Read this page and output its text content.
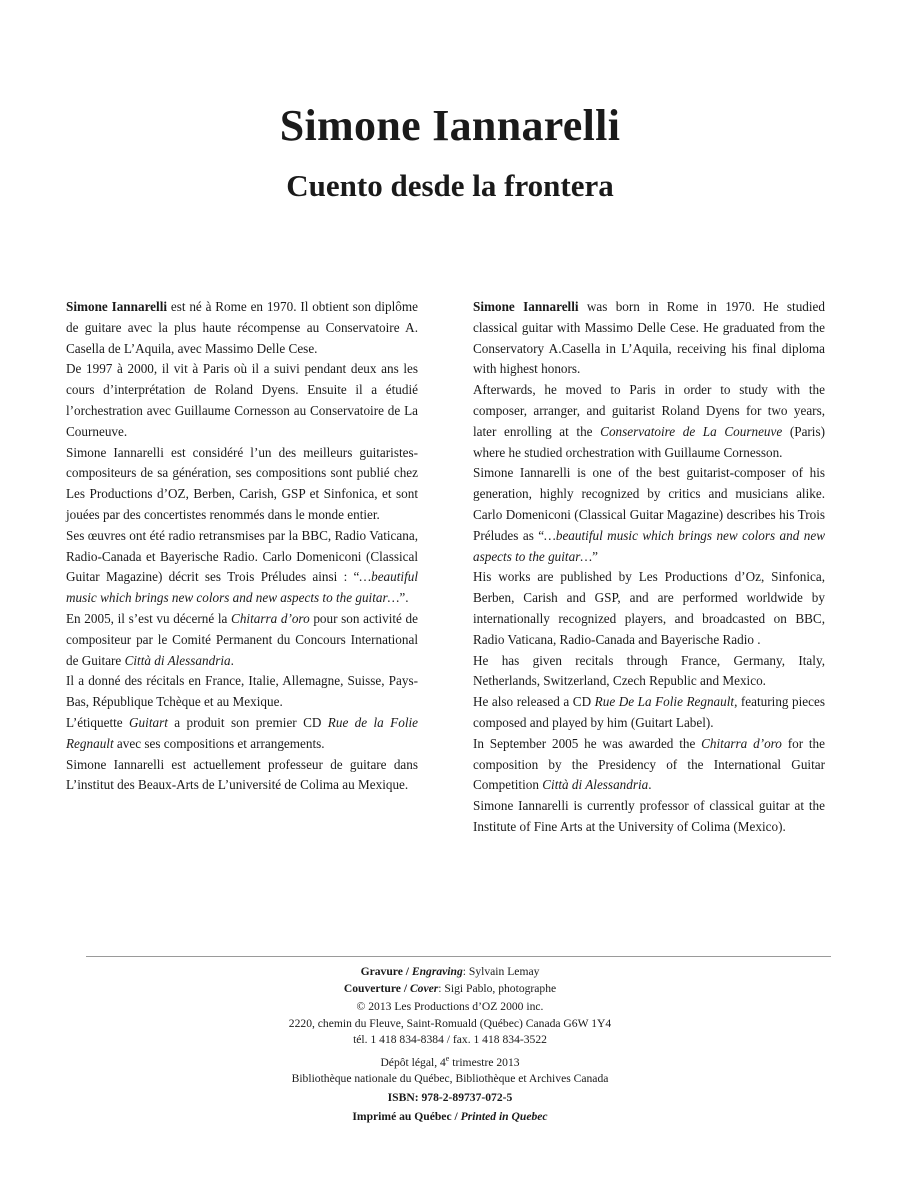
Simone Iannarelli
Cuento desde la frontera

Simone Iannarelli est né à Rome en 1970. Il obtient son diplôme de guitare avec la plus haute récompense au Conservatoire A. Casella de L’Aquila, avec Massimo Delle Cese.

De 1997 à 2000, il vit à Paris où il a suivi pendant deux ans les cours d’interprétation de Roland Dyens. Ensuite il a étudié l’orchestration avec Guillaume Cornesson au Conservatoire de La Courneuve.

Simone Iannarelli est considéré l’un des meilleurs guitaristes-compositeurs de sa génération, ses compositions sont publié chez Les Productions d’OZ, Berben, Carish, GSP et Sinfonica, et sont jouées par des concertistes renommés dans le monde entier.

Ses œuvres ont été radio retransmises par la BBC, Radio Vaticana, Radio-Canada et Bayerische Radio. Carlo Domeniconi (Classical Guitar Magazine) décrit ses Trois Préludes ainsi : “…beautiful music which brings new colors and new aspects to the guitar…”.

En 2005, il s’est vu décerné la Chitarra d’oro pour son activité de compositeur par le Comité Permanent du Concours International de Guitare Città di Alessandria.

Il a donné des récitals en France, Italie, Allemagne, Suisse, Pays-Bas, République Tchèque et au Mexique.

L’étiquette Guitart a produit son premier CD Rue de la Folie Regnault avec ses compositions et arrangements.

Simone Iannarelli est actuellement professeur de guitare dans L’institut des Beaux-Arts de L’université de Colima au Mexique.

Simone Iannarelli was born in Rome in 1970. He studied classical guitar with Massimo Delle Cese. He graduated from the Conservatory A.Casella in L’Aquila, receiving his final diploma with highest honors.

Afterwards, he moved to Paris in order to study with the composer, arranger, and guitarist Roland Dyens for two years, later enrolling at the Conservatoire de La Courneuve (Paris) where he studied orchestration with Guillaume Cornesson.

Simone Iannarelli is one of the best guitarist-composer of his generation, highly recognized by critics and musicians alike. Carlo Domeniconi (Classical Guitar Magazine) describes his Trois Préludes as “…beautiful music which brings new colors and new aspects to the guitar…”

His works are published by Les Productions d’Oz, Sinfonica, Berben, Carish and GSP, and are performed worldwide by internationally recognized players, and broadcasted on BBC, Radio Vaticana, Radio-Canada and Bayerische Radio .

He has given recitals through France, Germany, Italy, Netherlands, Switzerland, Czech Republic and Mexico.

He also released a CD Rue De La Folie Regnault, featuring pieces composed and played by him (Guitart Label).

In September 2005 he was awarded the Chitarra d’oro for the composition by the Presidency of the International Guitar Competition Città di Alessandria.

Simone Iannarelli is currently professor of classical guitar at the Institute of Fine Arts at the University of Colima (Mexico).

Gravure / Engraving: Sylvain Lemay
Couverture / Cover: Sigi Pablo, photographe
© 2013 Les Productions d’OZ 2000 inc.
2220, chemin du Fleuve, Saint-Romuald (Québec) Canada G6W 1Y4
tél. 1 418 834-8384 / fax. 1 418 834-3522
Dépôt légal, 4e trimestre 2013
Bibliothèque nationale du Québec, Bibliothèque et Archives Canada
ISBN: 978-2-89737-072-5
Imprimé au Québec / Printed in Quebec
